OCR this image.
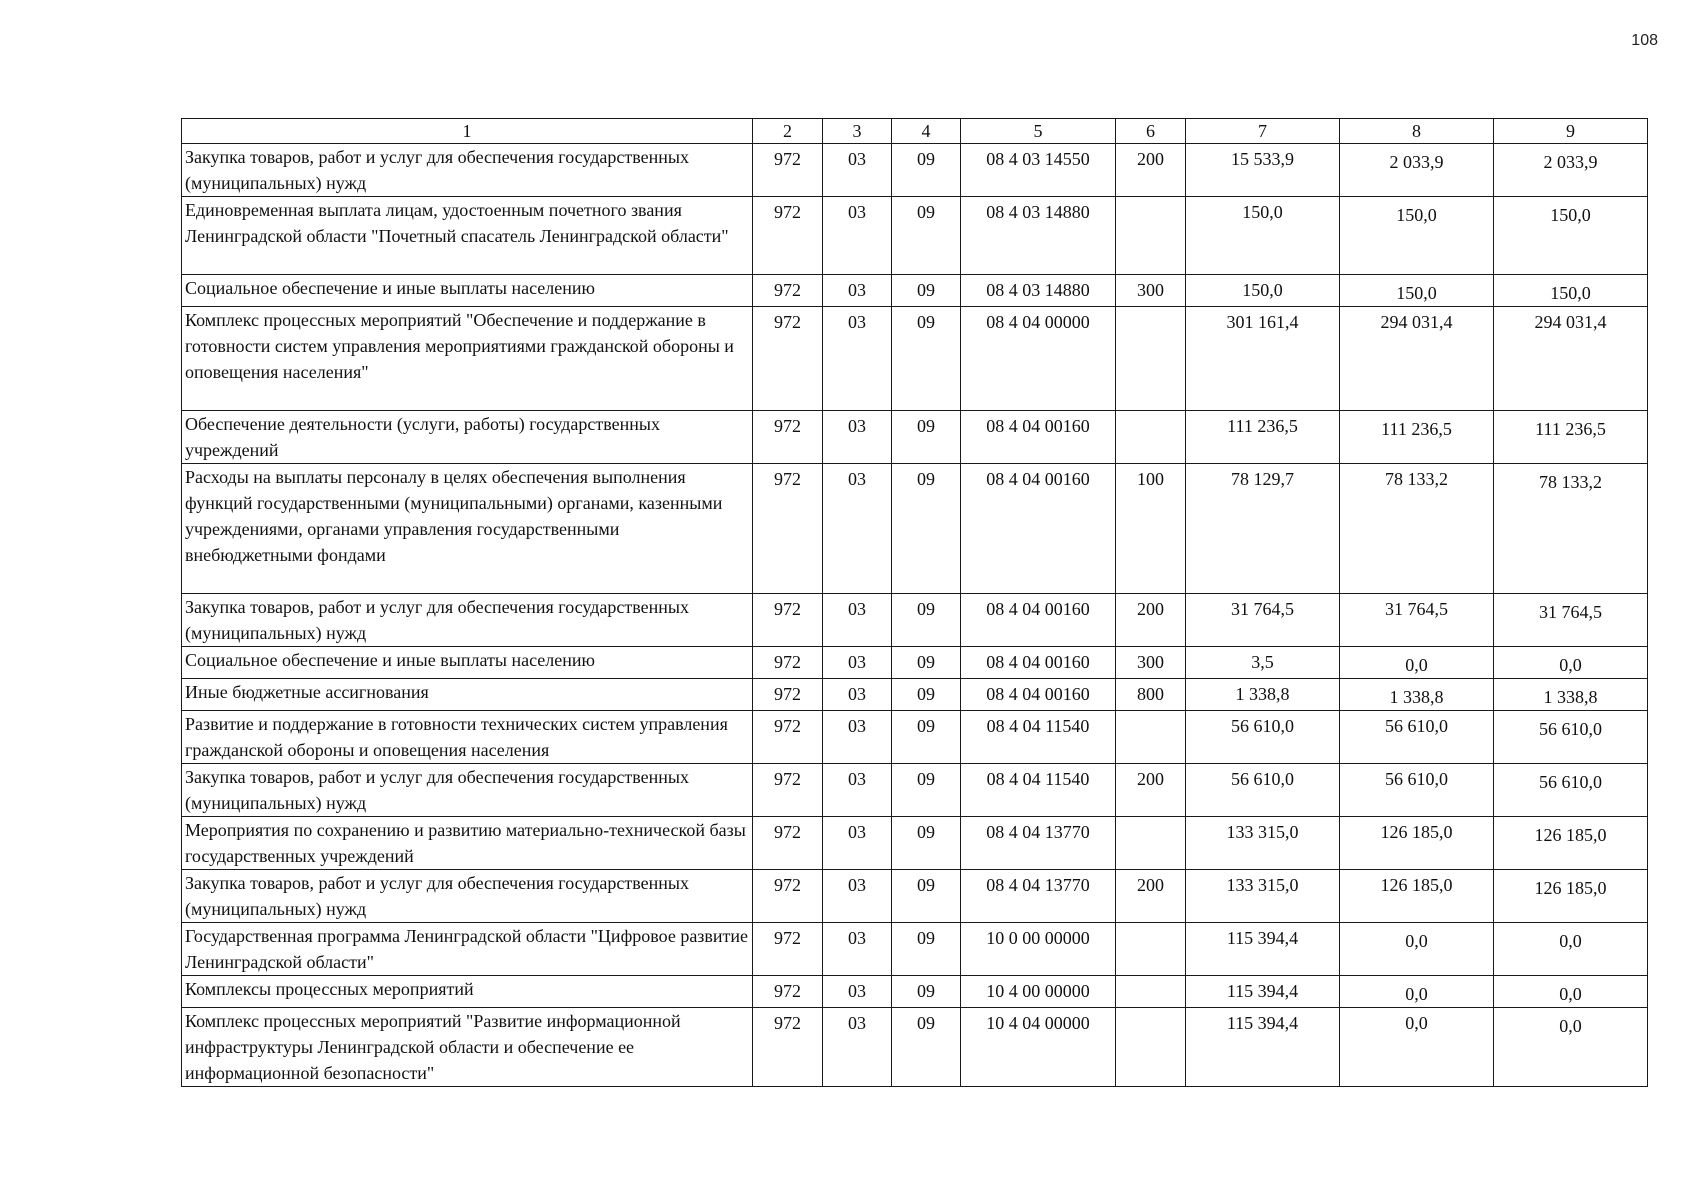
108
1	2	3	4	5	6	7	8	9
Закупка товаров, работ и услуг для обеспечения государственных (муниципальных) нужд	972	03	09	08 4 03 14550	200	15 533,9	2 033,9	2 033,9
Единовременная выплата лицам, удостоенным почетного звания Ленинградской области "Почетный спасатель Ленинградской области"	972	03	09	08 4 03 14880		150,0	150,0	150,0
Социальное обеспечение и иные выплаты населению	972	03	09	08 4 03 14880	300	150,0	150,0	150,0
Комплекс процессных мероприятий "Обеспечение и поддержание в готовности систем управления мероприятиями гражданской обороны и оповещения населения"	972	03	09	08 4 04 00000		301 161,4	294 031,4	294 031,4
Обеспечение деятельности (услуги, работы) государственных учреждений	972	03	09	08 4 04 00160		111 236,5	111 236,5	111 236,5
Расходы на выплаты персоналу в целях обеспечения выполнения функций государственными (муниципальными) органами, казенными учреждениями, органами управления государственными внебюджетными фондами	972	03	09	08 4 04 00160	100	78 129,7	78 133,2	78 133,2
Закупка товаров, работ и услуг для обеспечения государственных (муниципальных) нужд	972	03	09	08 4 04 00160	200	31 764,5	31 764,5	31 764,5
Социальное обеспечение и иные выплаты населению	972	03	09	08 4 04 00160	300	3,5	0,0	0,0
Иные бюджетные ассигнования	972	03	09	08 4 04 00160	800	1 338,8	1 338,8	1 338,8
Развитие и поддержание в готовности технических систем управления гражданской обороны и оповещения населения	972	03	09	08 4 04 11540		56 610,0	56 610,0	56 610,0
Закупка товаров, работ и услуг для обеспечения государственных (муниципальных) нужд	972	03	09	08 4 04 11540	200	56 610,0	56 610,0	56 610,0
Мероприятия по сохранению и развитию материально-технической базы государственных учреждений	972	03	09	08 4 04 13770		133 315,0	126 185,0	126 185,0
Закупка товаров, работ и услуг для обеспечения государственных (муниципальных) нужд	972	03	09	08 4 04 13770	200	133 315,0	126 185,0	126 185,0
Государственная программа Ленинградской области "Цифровое развитие Ленинградской области"	972	03	09	10 0 00 00000		115 394,4	0,0	0,0
Комплексы процессных мероприятий	972	03	09	10 4 00 00000		115 394,4	0,0	0,0
Комплекс процессных мероприятий "Развитие информационной инфраструктуры Ленинградской области и обеспечение ее информационной безопасности"	972	03	09	10 4 04 00000		115 394,4	0,0	0,0
